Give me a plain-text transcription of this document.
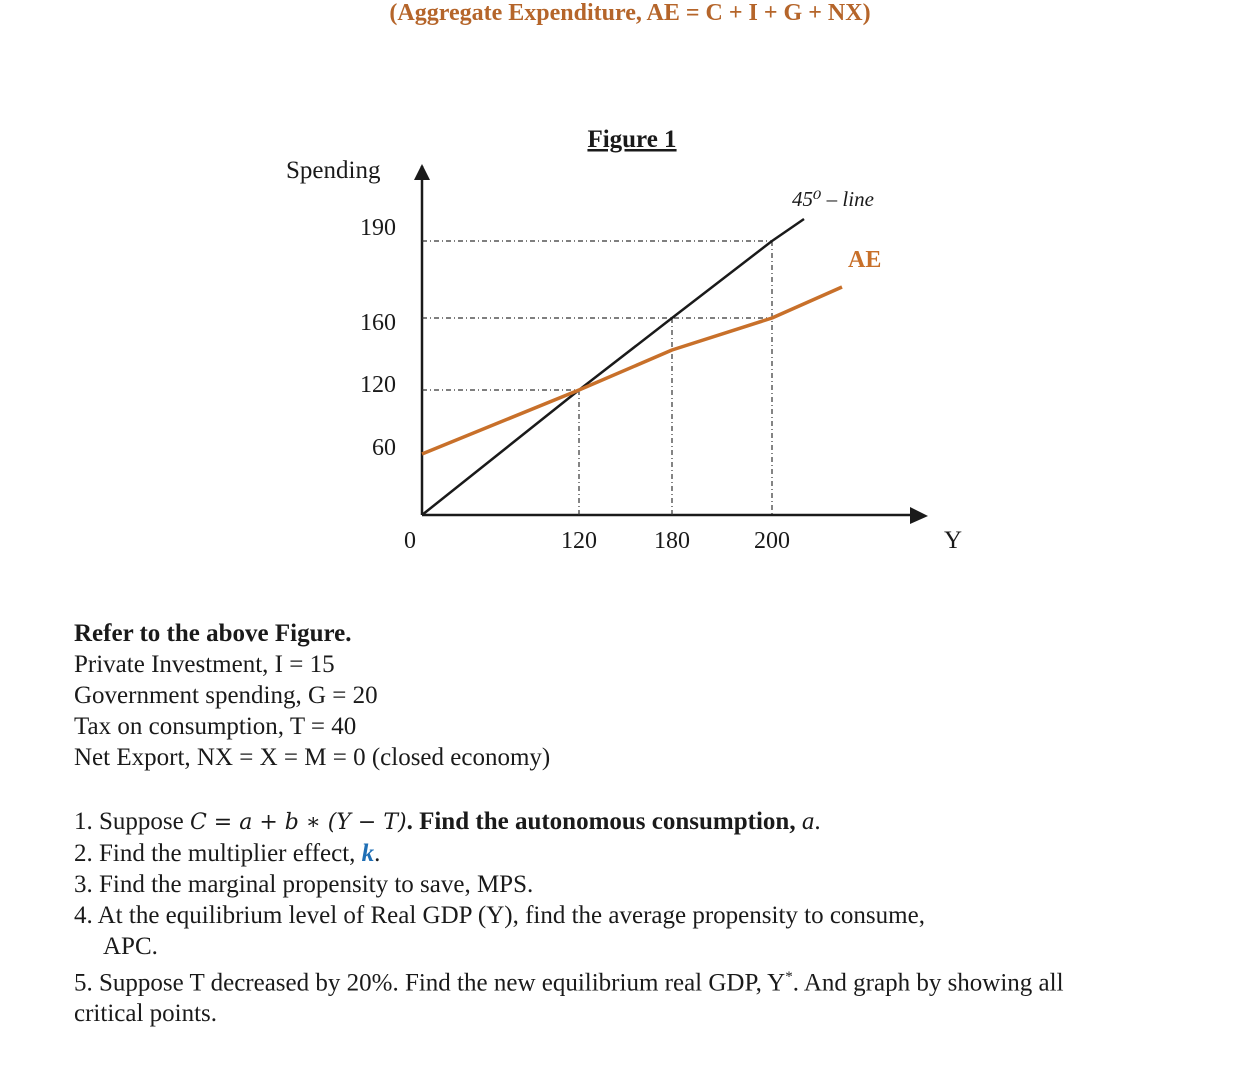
(Aggregate Expenditure, AE = C + I + G + NX)
Figure 1
Spending
Y
0	120 180	200
60
120
160
190
45⁰ – line
AE
Refer to the above Figure.
Private Investment, I = 15
Government spending, G = 20
Tax on consumption, T = 40
Net Export, NX = X = M = 0 (closed economy)
1. Suppose C = a + b ∗ (Y − T). Find the autonomous consumption, a.
2. Find the multiplier effect, k.
3. Find the marginal propensity to save, MPS.
4. At the equilibrium level of Real GDP (Y), find the average propensity to consume,
APC.
5. Suppose T decreased by 20%. Find the new equilibrium real GDP, Y*. And graph by showing all
critical points.
